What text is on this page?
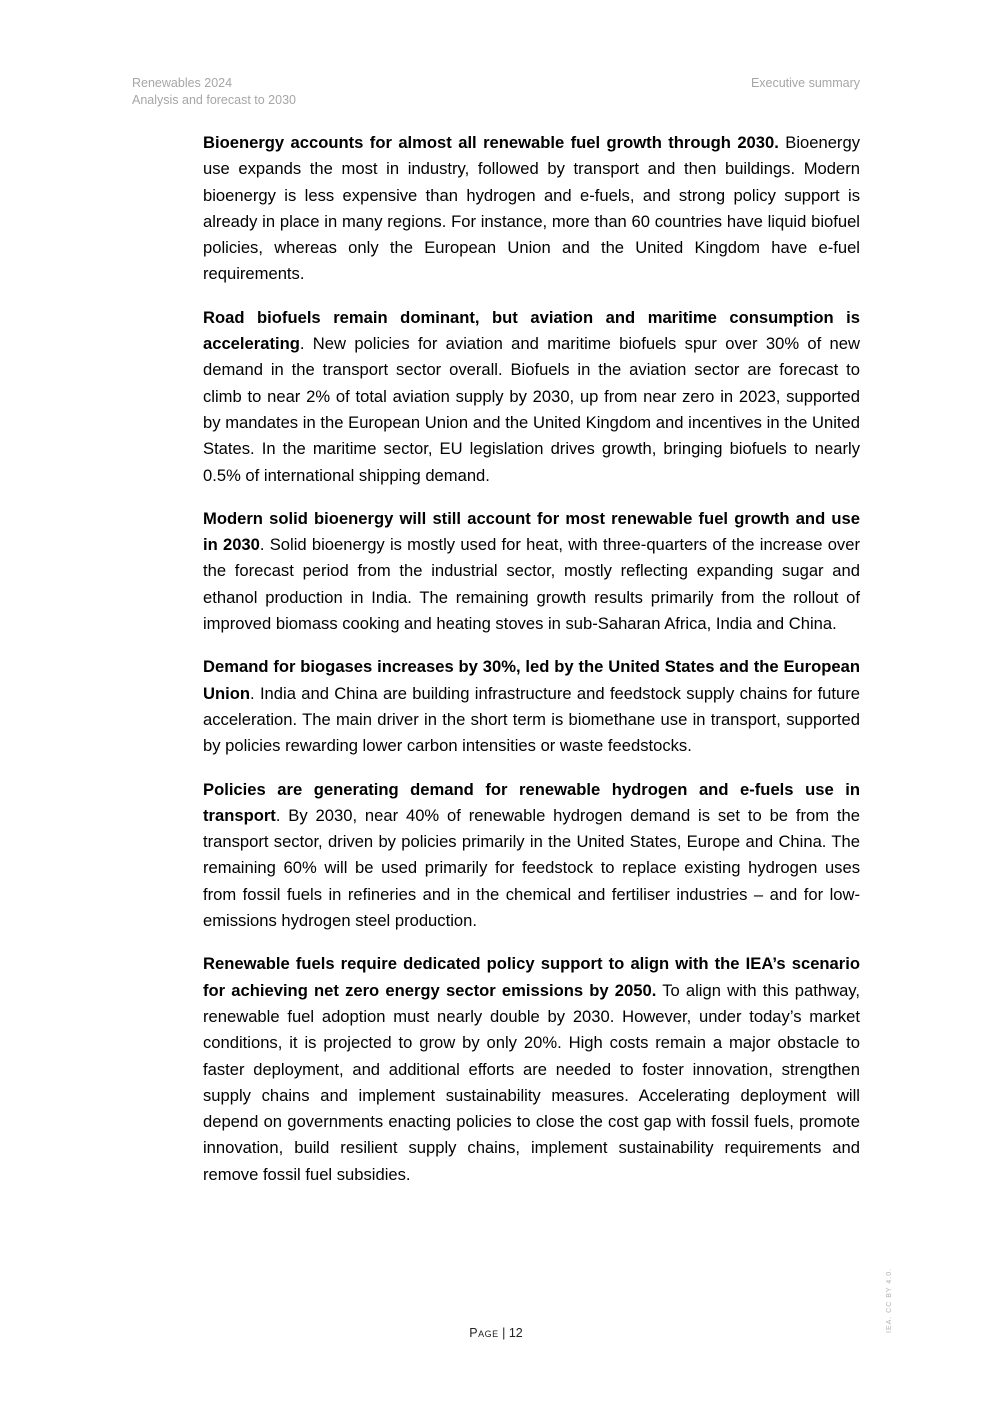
Renewables 2024
Analysis and forecast to 2030
Executive summary

Bioenergy accounts for almost all renewable fuel growth through 2030. Bioenergy use expands the most in industry, followed by transport and then buildings. Modern bioenergy is less expensive than hydrogen and e-fuels, and strong policy support is already in place in many regions. For instance, more than 60 countries have liquid biofuel policies, whereas only the European Union and the United Kingdom have e-fuel requirements.

Road biofuels remain dominant, but aviation and maritime consumption is accelerating. New policies for aviation and maritime biofuels spur over 30% of new demand in the transport sector overall. Biofuels in the aviation sector are forecast to climb to near 2% of total aviation supply by 2030, up from near zero in 2023, supported by mandates in the European Union and the United Kingdom and incentives in the United States. In the maritime sector, EU legislation drives growth, bringing biofuels to nearly 0.5% of international shipping demand.

Modern solid bioenergy will still account for most renewable fuel growth and use in 2030. Solid bioenergy is mostly used for heat, with three-quarters of the increase over the forecast period from the industrial sector, mostly reflecting expanding sugar and ethanol production in India. The remaining growth results primarily from the rollout of improved biomass cooking and heating stoves in sub-Saharan Africa, India and China.

Demand for biogases increases by 30%, led by the United States and the European Union. India and China are building infrastructure and feedstock supply chains for future acceleration. The main driver in the short term is biomethane use in transport, supported by policies rewarding lower carbon intensities or waste feedstocks.

Policies are generating demand for renewable hydrogen and e-fuels use in transport. By 2030, near 40% of renewable hydrogen demand is set to be from the transport sector, driven by policies primarily in the United States, Europe and China. The remaining 60% will be used primarily for feedstock to replace existing hydrogen uses from fossil fuels in refineries and in the chemical and fertiliser industries – and for low-emissions hydrogen steel production.

Renewable fuels require dedicated policy support to align with the IEA’s scenario for achieving net zero energy sector emissions by 2050. To align with this pathway, renewable fuel adoption must nearly double by 2030. However, under today’s market conditions, it is projected to grow by only 20%. High costs remain a major obstacle to faster deployment, and additional efforts are needed to foster innovation, strengthen supply chains and implement sustainability measures. Accelerating deployment will depend on governments enacting policies to close the cost gap with fossil fuels, promote innovation, build resilient supply chains, implement sustainability requirements and remove fossil fuel subsidies.

Page | 12	IEA. CC BY 4.0.
